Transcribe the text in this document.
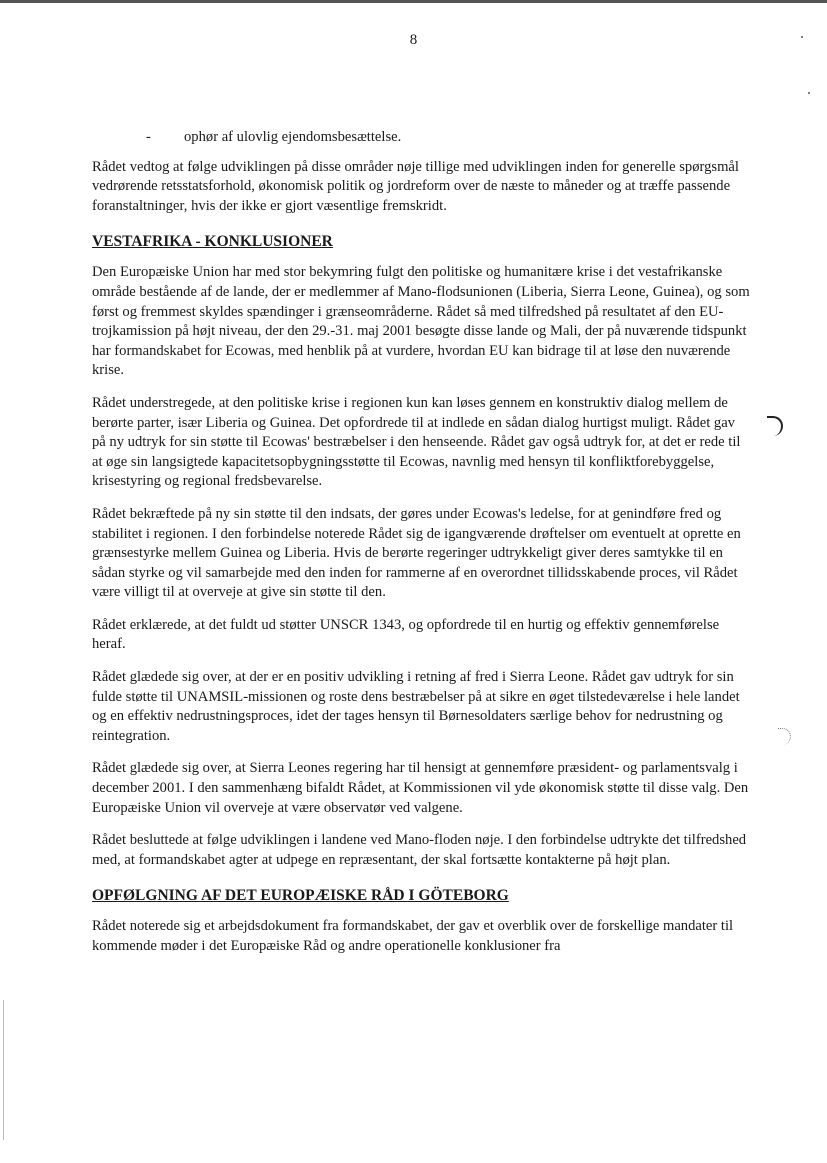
8
-	ophør af ulovlig ejendomsbesættelse.

Rådet vedtog at følge udviklingen på disse områder nøje tillige med udviklingen inden for generelle spørgsmål vedrørende retsstatsforhold, økonomisk politik og jordreform over de næste to måneder og at træffe passende foranstaltninger, hvis der ikke er gjort væsentlige fremskridt.

VESTAFRIKA - KONKLUSIONER

Den Europæiske Union har med stor bekymring fulgt den politiske og humanitære krise i det vestafrikanske område bestående af de lande, der er medlemmer af Mano-flodsunionen (Liberia, Sierra Leone, Guinea), og som først og fremmest skyldes spændinger i grænseområderne. Rådet så med tilfredshed på resultatet af den EU-trojkamission på højt niveau, der den 29.-31. maj 2001 besøgte disse lande og Mali, der på nuværende tidspunkt har formandskabet for Ecowas, med henblik på at vurdere, hvordan EU kan bidrage til at løse den nuværende krise.

Rådet understregede, at den politiske krise i regionen kun kan løses gennem en konstruktiv dialog mellem de berørte parter, især Liberia og Guinea. Det opfordrede til at indlede en sådan dialog hurtigst muligt. Rådet gav på ny udtryk for sin støtte til Ecowas' bestræbelser i den henseende. Rådet gav også udtryk for, at det er rede til at øge sin langsigtede kapacitetsopbygningsstøtte til Ecowas, navnlig med hensyn til konfliktforebyggelse, krisestyring og regional fredsbevarelse.

Rådet bekræftede på ny sin støtte til den indsats, der gøres under Ecowas's ledelse, for at genindføre fred og stabilitet i regionen. I den forbindelse noterede Rådet sig de igangværende drøftelser om eventuelt at oprette en grænsestyrke mellem Guinea og Liberia. Hvis de berørte regeringer udtrykkeligt giver deres samtykke til en sådan styrke og vil samarbejde med den inden for rammerne af en overordnet tillidsskabende proces, vil Rådet være villigt til at overveje at give sin støtte til den.

Rådet erklærede, at det fuldt ud støtter UNSCR 1343, og opfordrede til en hurtig og effektiv gennemførelse heraf.

Rådet glædede sig over, at der er en positiv udvikling i retning af fred i Sierra Leone. Rådet gav udtryk for sin fulde støtte til UNAMSIL-missionen og roste dens bestræbelser på at sikre en øget tilstedeværelse i hele landet og en effektiv nedrustningsproces, idet der tages hensyn til Børnesoldaters særlige behov for nedrustning og reintegration.

Rådet glædede sig over, at Sierra Leones regering har til hensigt at gennemføre præsident- og parlamentsvalg i december 2001. I den sammenhæng bifaldt Rådet, at Kommissionen vil yde økonomisk støtte til disse valg. Den Europæiske Union vil overveje at være observatør ved valgene.

Rådet besluttede at følge udviklingen i landene ved Mano-floden nøje. I den forbindelse udtrykte det tilfredshed med, at formandskabet agter at udpege en repræsentant, der skal fortsætte kontakterne på højt plan.

OPFØLGNING AF DET EUROPÆISKE RÅD I GÖTEBORG

Rådet noterede sig et arbejdsdokument fra formandskabet, der gav et overblik over de forskellige mandater til kommende møder i det Europæiske Råd og andre operationelle konklusioner fra
